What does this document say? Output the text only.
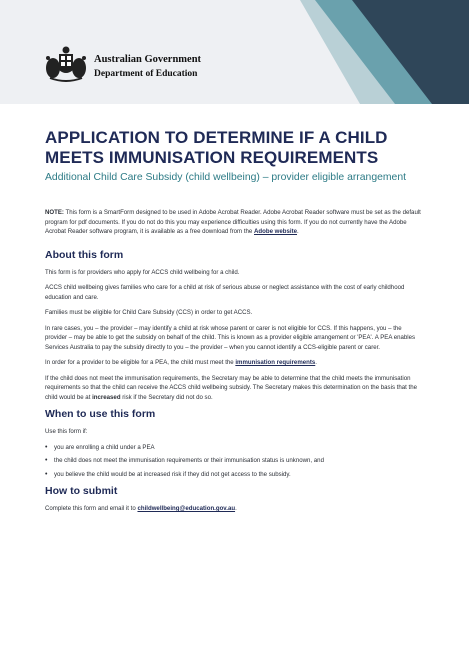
Australian Government
Department of Education
APPLICATION TO DETERMINE IF A CHILD MEETS IMMUNISATION REQUIREMENTS

Additional Child Care Subsidy (child wellbeing) – provider eligible arrangement

NOTE: This form is a SmartForm designed to be used in Adobe Acrobat Reader. Adobe Acrobat Reader software must be set as the default program for pdf documents. If you do not do this you may experience difficulties using this form. If you do not currently have the Adobe Acrobat Reader software program, it is available as a free download from the Adobe website.

About this form

This form is for providers who apply for ACCS child wellbeing for a child.

ACCS child wellbeing gives families who care for a child at risk of serious abuse or neglect assistance with the cost of early childhood education and care.

Families must be eligible for Child Care Subsidy (CCS) in order to get ACCS.

In rare cases, you – the provider – may identify a child at risk whose parent or carer is not eligible for CCS. If this happens, you – the provider – may be able to get the subsidy on behalf of the child. This is known as a provider eligible arrangement or 'PEA'. A PEA enables Services Australia to pay the subsidy directly to you – the provider – when you cannot identify a CCS-eligible parent or carer.

In order for a provider to be eligible for a PEA, the child must meet the immunisation requirements.

If the child does not meet the immunisation requirements, the Secretary may be able to determine that the child meets the immunisation requirements so that the child can receive the ACCS child wellbeing subsidy. The Secretary makes this determination on the basis that the child would be at increased risk if the Secretary did not do so.

When to use this form

Use this form if:

• you are enrolling a child under a PEA
• the child does not meet the immunisation requirements or their immunisation status is unknown, and
• you believe the child would be at increased risk if they did not get access to the subsidy.
How to submit

Complete this form and email it to childwellbeing@education.gov.au.
